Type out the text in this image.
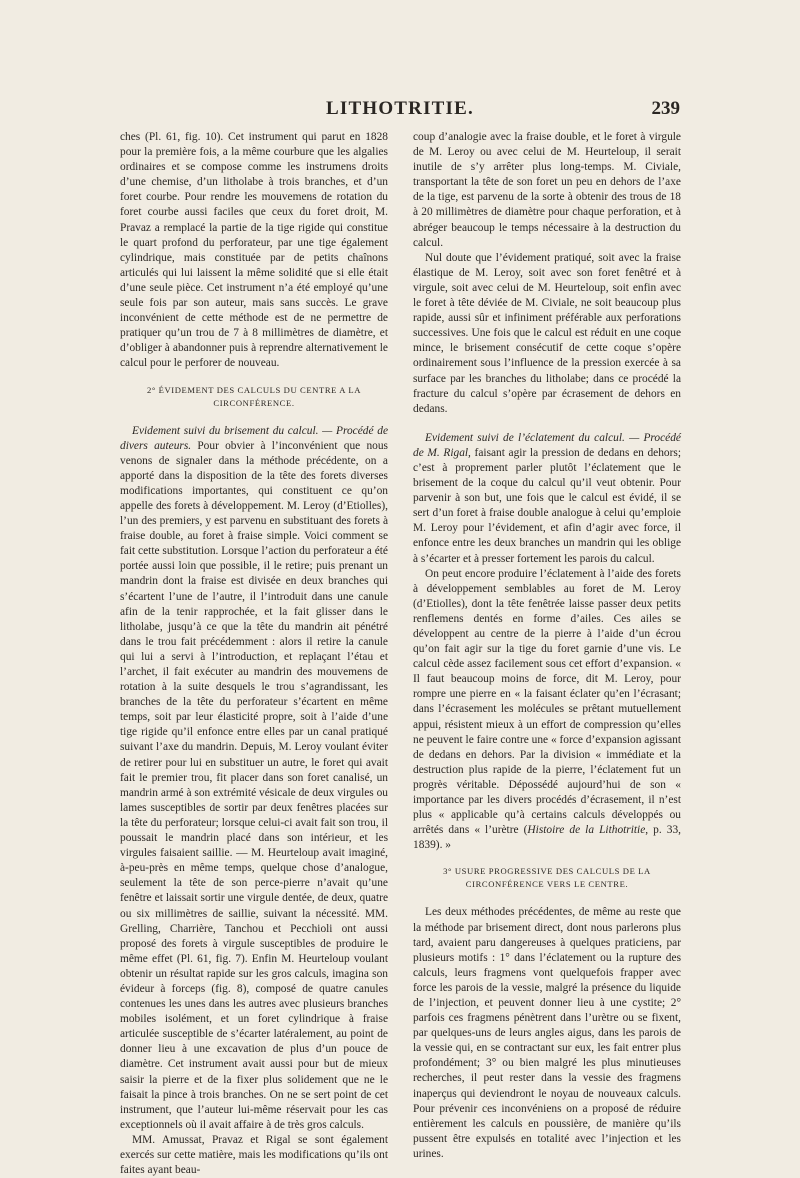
LITHOTRITIE.	239

ches (Pl. 61, fig. 10). Cet instrument qui parut en 1828 pour la première fois, a la même courbure que les algalies ordinaires et se compose comme les instrumens droits d’une chemise, d’un litholabe à trois branches, et d’un foret courbe. Pour rendre les mouvemens de rotation du foret courbe aussi faciles que ceux du foret droit, M. Pravaz a remplacé la partie de la tige rigide qui constitue le quart profond du perforateur, par une tige également cylindrique, mais constituée par de petits chaînons articulés qui lui laissent la même solidité que si elle était d’une seule pièce. Cet instrument n’a été employé qu’une seule fois par son auteur, mais sans succès. Le grave inconvénient de cette méthode est de ne permettre de pratiquer qu’un trou de 7 à 8 millimètres de diamètre, et d’obliger à abandonner puis à reprendre alternativement le calcul pour le perforer de nouveau.

2° ÉVIDEMENT DES CALCULS DU CENTRE A LA CIRCONFÉRENCE.

Evidement suivi du brisement du calcul. — Procédé de divers auteurs. Pour obvier à l’inconvénient que nous venons de signaler dans la méthode précédente, on a apporté dans la disposition de la tête des forets diverses modifications importantes, qui constituent ce qu’on appelle des forets à développement. M. Leroy (d’Etiolles), l’un des premiers, y est parvenu en substituant des forets à fraise double, au foret à fraise simple. Voici comment se fait cette substitution. Lorsque l’action du perforateur a été portée aussi loin que possible, il le retire; puis prenant un mandrin dont la fraise est divisée en deux branches qui s’écartent l’une de l’autre, il l’introduit dans une canule afin de la tenir rapprochée, et la fait glisser dans le litholabe, jusqu’à ce que la tête du mandrin ait pénétré dans le trou fait précédemment : alors il retire la canule qui lui a servi à l’introduction, et replaçant l’étau et l’archet, il fait exécuter au mandrin des mouvemens de rotation à la suite desquels le trou s’agrandissant, les branches de la tête du perforateur s’écartent en même temps, soit par leur élasticité propre, soit à l’aide d’une tige rigide qu’il enfonce entre elles par un canal pratiqué suivant l’axe du mandrin. Depuis, M. Leroy voulant éviter de retirer pour lui en substituer un autre, le foret qui avait fait le premier trou, fit placer dans son foret canalisé, un mandrin armé à son extrémité vésicale de deux virgules ou lames susceptibles de sortir par deux fenêtres placées sur la tête du perforateur; lorsque celui-ci avait fait son trou, il poussait le mandrin placé dans son intérieur, et les virgules faisaient saillie. — M. Heurteloup avait imaginé, à-peu-près en même temps, quelque chose d’analogue, seulement la tête de son perce-pierre n’avait qu’une fenêtre et laissait sortir une virgule dentée, de deux, quatre ou six millimètres de saillie, suivant la nécessité. MM. Grelling, Charrière, Tanchou et Pecchioli ont aussi proposé des forets à virgule susceptibles de produire le même effet (Pl. 61, fig. 7). Enfin M. Heurteloup voulant obtenir un résultat rapide sur les gros calculs, imagina son évideur à forceps (fig. 8), composé de quatre canules contenues les unes dans les autres avec plusieurs branches mobiles isolément, et un foret cylindrique à fraise articulée susceptible de s’écarter latéralement, au point de donner lieu à une excavation de plus d’un pouce de diamètre. Cet instrument avait aussi pour but de mieux saisir la pierre et de la fixer plus solidement que ne le faisait la pince à trois branches. On ne se sert point de cet instrument, que l’auteur lui-même réservait pour les cas exceptionnels où il avait affaire à de très gros calculs.

MM. Amussat, Pravaz et Rigal se sont également exercés sur cette matière, mais les modifications qu’ils ont faites ayant beau-

coup d’analogie avec la fraise double, et le foret à virgule de M. Leroy ou avec celui de M. Heurteloup, il serait inutile de s’y arrêter plus long-temps. M. Civiale, transportant la tête de son foret un peu en dehors de l’axe de la tige, est parvenu de la sorte à obtenir des trous de 18 à 20 millimètres de diamètre pour chaque perforation, et à abréger beaucoup le temps nécessaire à la destruction du calcul.

Nul doute que l’évidement pratiqué, soit avec la fraise élastique de M. Leroy, soit avec son foret fenêtré et à virgule, soit avec celui de M. Heurteloup, soit enfin avec le foret à tête déviée de M. Civiale, ne soit beaucoup plus rapide, aussi sûr et infiniment préférable aux perforations successives. Une fois que le calcul est réduit en une coque mince, le brisement consécutif de cette coque s’opère ordinairement sous l’influence de la pression exercée à sa surface par les branches du litholabe; dans ce procédé la fracture du calcul s’opère par écrasement de dehors en dedans.

Evidement suivi de l’éclatement du calcul. — Procédé de M. Rigal, faisant agir la pression de dedans en dehors; c’est à proprement parler plutôt l’éclatement que le brisement de la coque du calcul qu’il veut obtenir. Pour parvenir à son but, une fois que le calcul est évidé, il se sert d’un foret à fraise double analogue à celui qu’emploie M. Leroy pour l’évidement, et afin d’agir avec force, il enfonce entre les deux branches un mandrin qui les oblige à s’écarter et à presser fortement les parois du calcul.

On peut encore produire l’éclatement à l’aide des forets à développement semblables au foret de M. Leroy (d’Etiolles), dont la tête fenêtrée laisse passer deux petits renflemens dentés en forme d’ailes. Ces ailes se développent au centre de la pierre à l’aide d’un écrou qu’on fait agir sur la tige du foret garnie d’une vis. Le calcul cède assez facilement sous cet effort d’expansion. « Il faut beaucoup moins de force, dit M. Leroy, pour rompre une pierre en « la faisant éclater qu’en l’écrasant; dans l’écrasement les molécules se prêtant mutuellement appui, résistent mieux à un effort de compression qu’elles ne peuvent le faire contre une « force d’expansion agissant de dedans en dehors. Par la division « immédiate et la destruction plus rapide de la pierre, l’éclatement fut un progrès véritable. Dépossédé aujourd’hui de son « importance par les divers procédés d’écrasement, il n’est plus « applicable qu’à certains calculs développés ou arrêtés dans « l’urètre (Histoire de la Lithotritie, p. 33, 1839). »

3° USURE PROGRESSIVE DES CALCULS DE LA CIRCONFÉRENCE VERS LE CENTRE.

Les deux méthodes précédentes, de même au reste que la méthode par brisement direct, dont nous parlerons plus tard, avaient paru dangereuses à quelques praticiens, par plusieurs motifs : 1° dans l’éclatement ou la rupture des calculs, leurs fragmens vont quelquefois frapper avec force les parois de la vessie, malgré la présence du liquide de l’injection, et peuvent donner lieu à une cystite; 2° parfois ces fragmens pénètrent dans l’urètre ou se fixent, par quelques-uns de leurs angles aigus, dans les parois de la vessie qui, en se contractant sur eux, les fait entrer plus profondément; 3° ou bien malgré les plus minutieuses recherches, il peut rester dans la vessie des fragmens inaperçus qui deviendront le noyau de nouveaux calculs. Pour prévenir ces inconvéniens on a proposé de réduire entièrement les calculs en poussière, de manière qu’ils pussent être expulsés en totalité avec l’injection et les urines.
